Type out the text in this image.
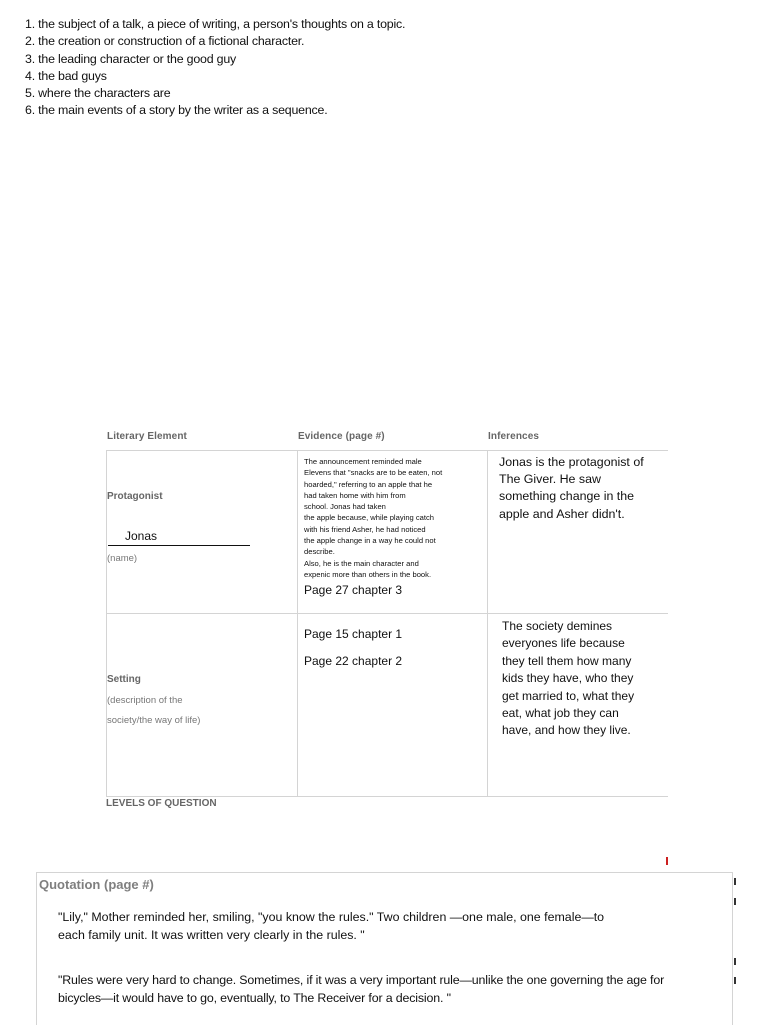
1. the subject of a talk, a piece of writing, a person's thoughts on a topic.
2. the creation or construction of a fictional character.
3. the leading character or the good guy
4. the bad guys
5. where the characters are
6. the main events of a story by the writer as a sequence.
Literary Element	Evidence (page #)	Inferences
Protagonist
Jonas
(name)
The announcement reminded male
Elevens that "snacks are to be eaten, not
hoarded," referring to an apple that he
had taken home with him from
school. Jonas had taken
the apple because, while playing catch
with his friend Asher, he had noticed
the apple change in a way he could not
describe.
Also, he is the main character and
expenic more than others in the book.
Page 27 chapter 3
Jonas is the protagonist of
The Giver. He saw
something change in the
apple and Asher didn't.
Setting
(description of the
society/the way of life)
Page 15 chapter 1
Page 22 chapter 2
The society demines
everyones life because
they tell them how many
kids they have, who they
get married to, what they
eat, what job they can
have, and how they live.
LEVELS OF QUESTION
Quotation (page #)
"Lily," Mother reminded her, smiling, "you know the rules." Two children —one male, one female—to
each family unit. It was written very clearly in the rules. "
"Rules were very hard to change. Sometimes, if it was a very important rule—unlike the one governing the age for
bicycles—it would have to go, eventually, to The Receiver for a decision. "
